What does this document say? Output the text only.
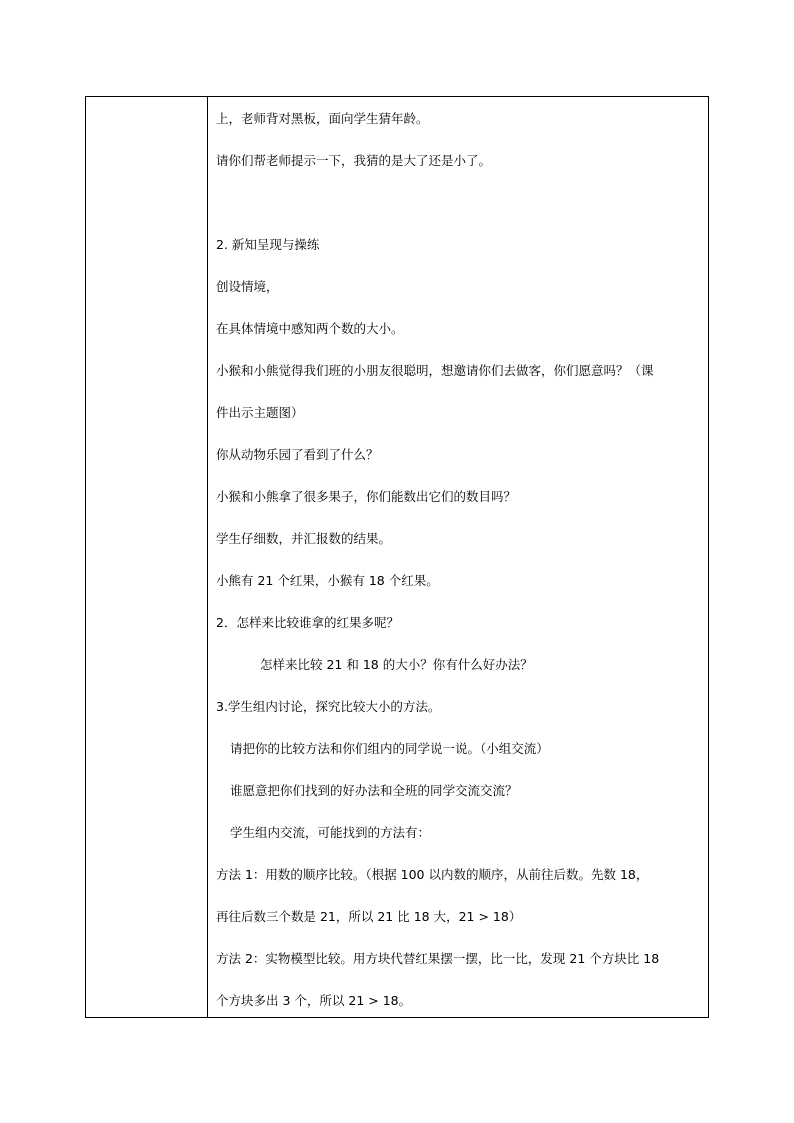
上，老师背对黑板，面向学生猜年龄。
请你们帮老师提示一下，我猜的是大了还是小了。
2. 新知呈现与操练
创设情境，
在具体情境中感知两个数的大小。
小猴和小熊觉得我们班的小朋友很聪明，想邀请你们去做客，你们愿意吗？（课
件出示主题图）
你从动物乐园了看到了什么？
小猴和小熊拿了很多果子，你们能数出它们的数目吗？
学生仔细数，并汇报数的结果。
小熊有 21 个红果，小猴有 18 个红果。
2．怎样来比较谁拿的红果多呢？
怎样来比较 21 和 18 的大小？你有什么好办法？
3.学生组内讨论，探究比较大小的方法。
请把你的比较方法和你们组内的同学说一说。（小组交流）
谁愿意把你们找到的好办法和全班的同学交流交流？
学生组内交流，可能找到的方法有：
方法 1：用数的顺序比较。（根据 100 以内数的顺序，从前往后数。先数 18，
再往后数三个数是 21，所以 21 比 18 大，21 > 18）
方法 2：实物模型比较。用方块代替红果摆一摆，比一比，发现 21 个方块比 18
个方块多出 3 个，所以 21 > 18。
